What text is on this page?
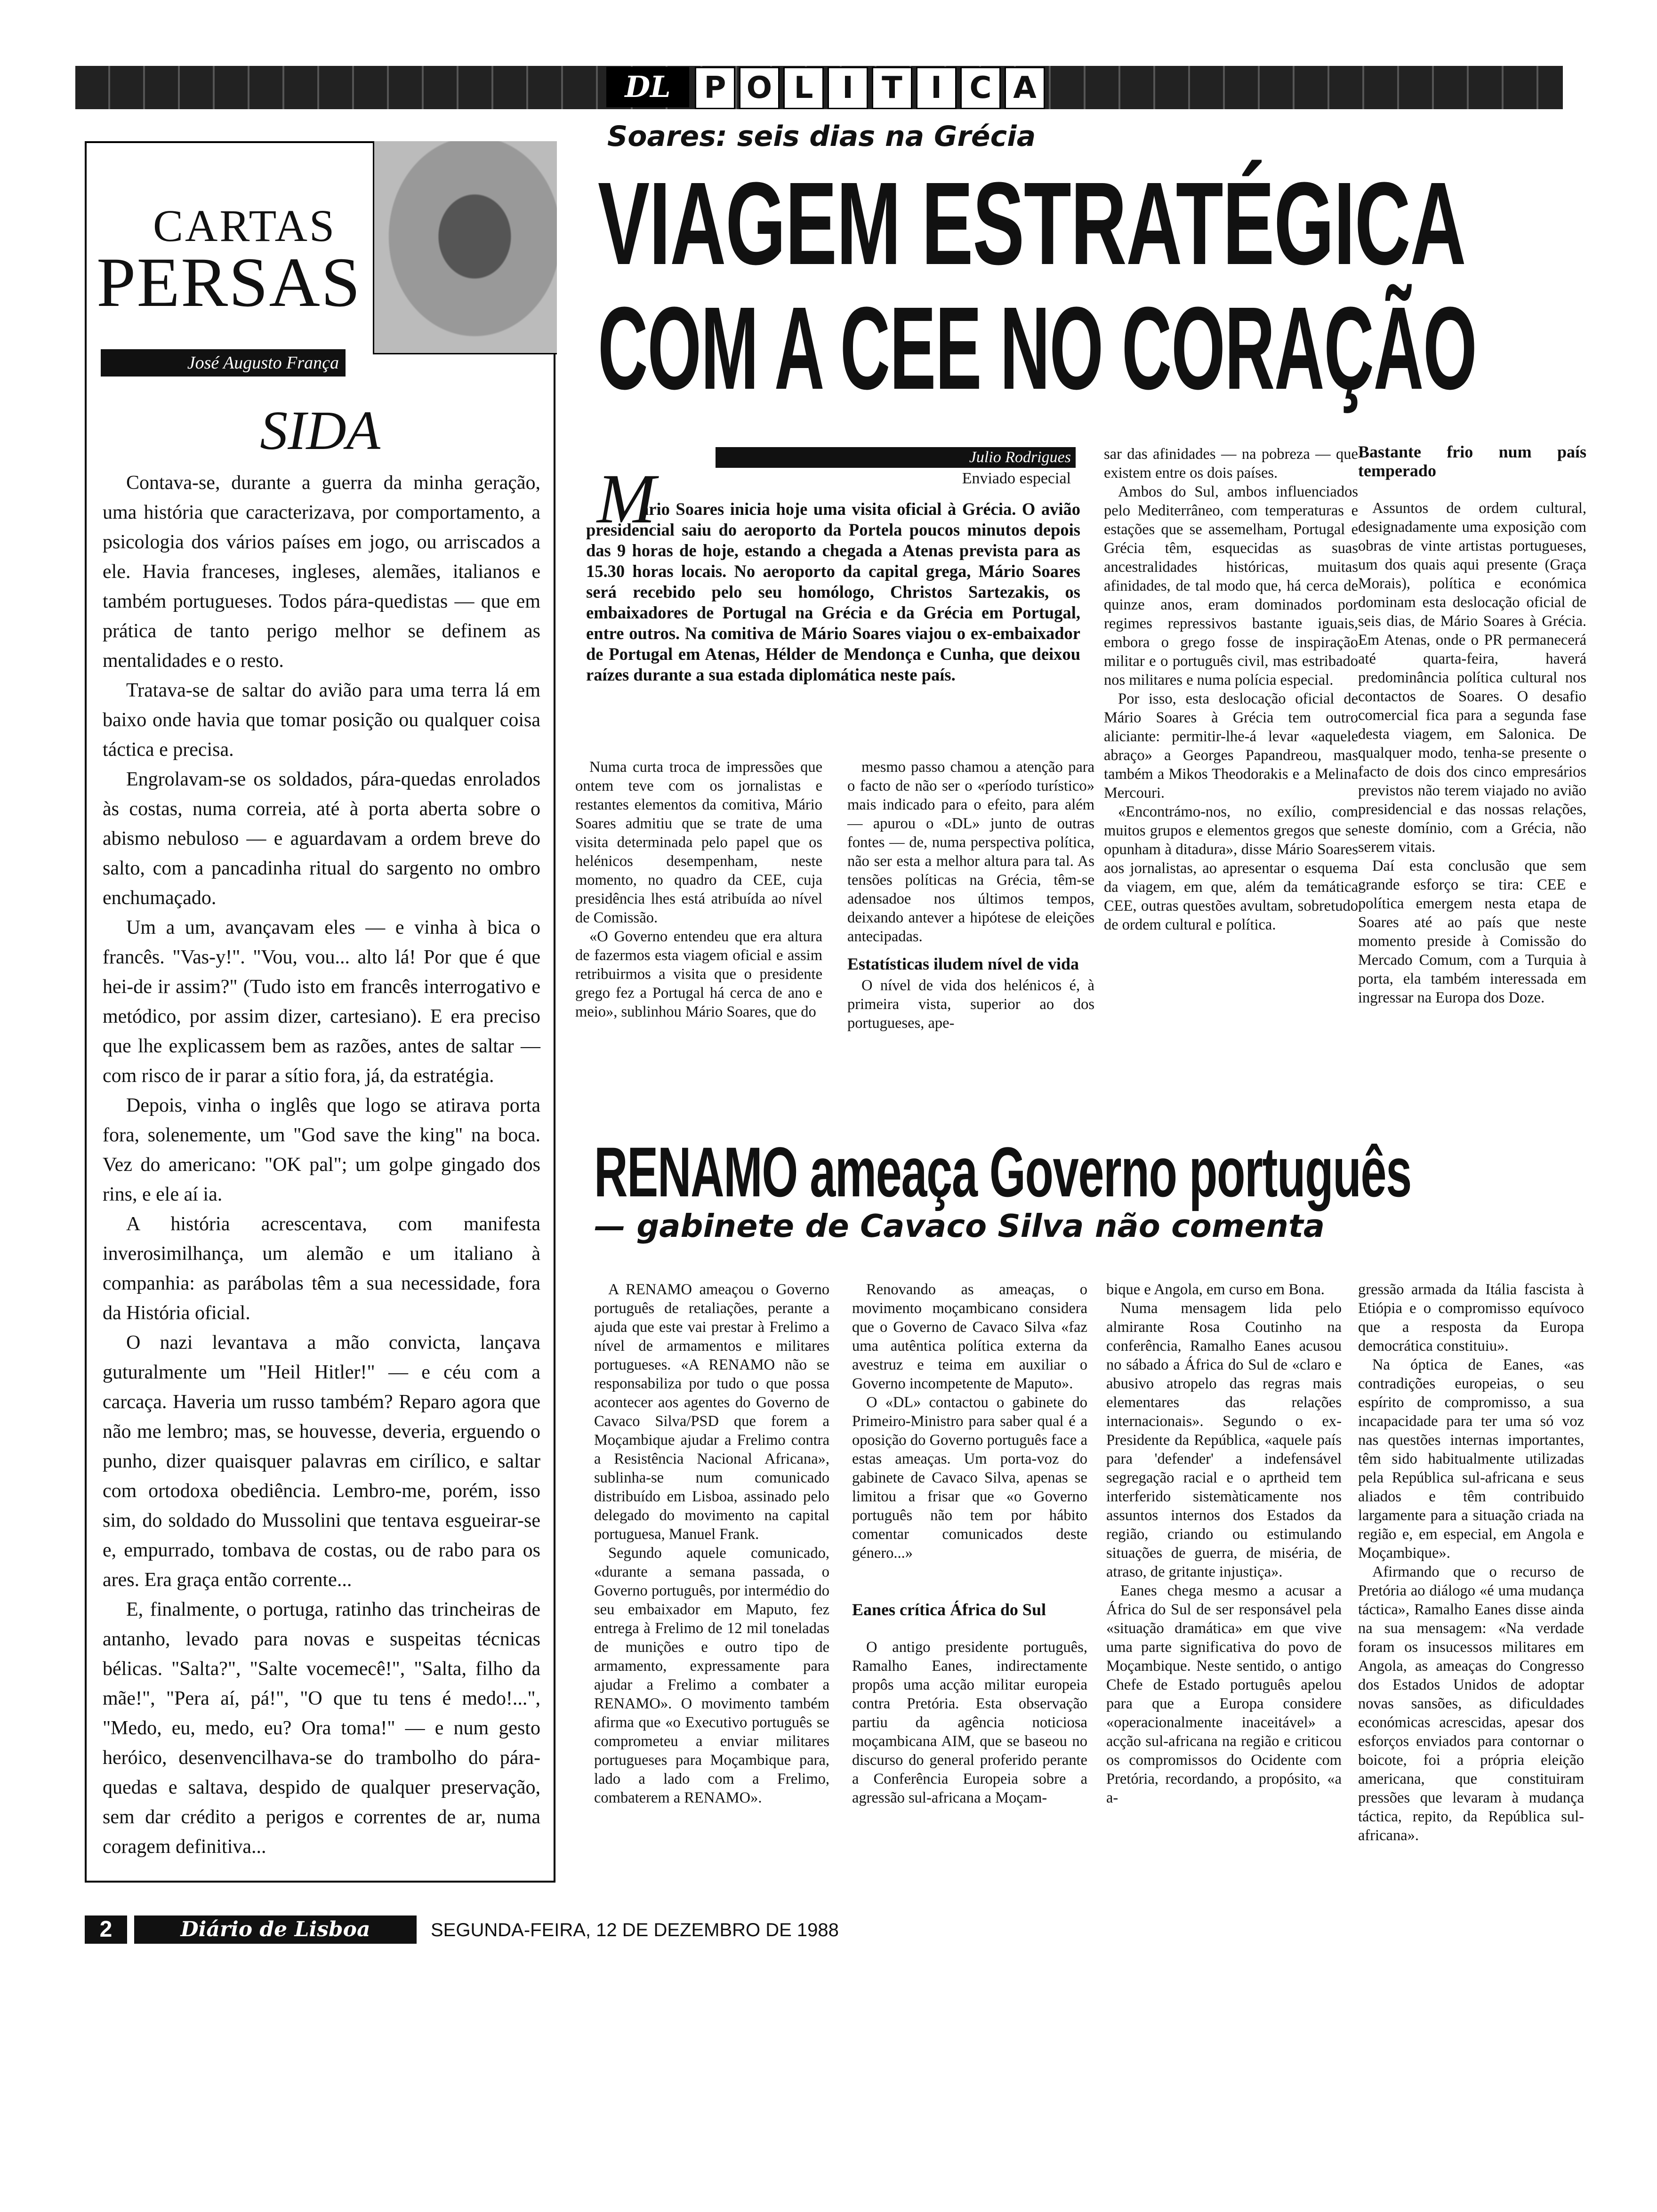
DL	P O L I T I C A
CARTAS
PERSAS
José Augusto França
SIDA

Contava-se, durante a guerra da minha geração, uma história que caracterizava, por comportamento, a psicologia dos vários países em jogo, ou arriscados a ele. Havia franceses, ingleses, alemães, italianos e também portugueses. Todos pára-quedistas — que em prática de tanto perigo melhor se definem as mentalidades e o resto.

Tratava-se de saltar do avião para uma terra lá em baixo onde havia que tomar posição ou qualquer coisa táctica e precisa.

Engrolavam-se os soldados, pára-quedas enrolados às costas, numa correia, até à porta aberta sobre o abismo nebuloso — e aguardavam a ordem breve do salto, com a pancadinha ritual do sargento no ombro enchumaçado.

Um a um, avançavam eles — e vinha à bica o francês. "Vas-y!". "Vou, vou... alto lá! Por que é que hei-de ir assim?" (Tudo isto em francês interrogativo e metódico, por assim dizer, cartesiano). E era preciso que lhe explicassem bem as razões, antes de saltar — com risco de ir parar a sítio fora, já, da estratégia.

Depois, vinha o inglês que logo se atirava porta fora, solenemente, um "God save the king" na boca. Vez do americano: "OK pal"; um golpe gingado dos rins, e ele aí ia.

A história acrescentava, com manifesta inverosimilhança, um alemão e um italiano à companhia: as parábolas têm a sua necessidade, fora da História oficial.

O nazi levantava a mão convicta, lançava guturalmente um "Heil Hitler!" — e céu com a carcaça. Haveria um russo também? Reparo agora que não me lembro; mas, se houvesse, deveria, erguendo o punho, dizer quaisquer palavras em cirílico, e saltar com ortodoxa obediência. Lembro-me, porém, isso sim, do soldado do Mussolini que tentava esgueirar-se e, empurrado, tombava de costas, ou de rabo para os ares. Era graça então corrente...

E, finalmente, o portuga, ratinho das trincheiras de antanho, levado para novas e suspeitas técnicas bélicas. "Salta?", "Salte vocemecê!", "Salta, filho da mãe!", "Pera aí, pá!", "O que tu tens é medo!...", "Medo, eu, medo, eu? Ora toma!" — e num gesto heróico, desenvencilhava-se do trambolho do pára-quedas e saltava, despido de qualquer preservação, sem dar crédito a perigos e correntes de ar, numa coragem definitiva...

Soares: seis dias na Grécia
VIAGEM ESTRATÉGICA
COM A CEE NO CORAÇÃO
Julio Rodrigues
Enviado especial
M
ário Soares inicia hoje uma visita oficial à Grécia. O avião presidencial saiu do aeroporto da Portela poucos minutos depois das 9 horas de hoje, estando a chegada a Atenas prevista para as 15.30 horas locais. No aeroporto da capital grega, Mário Soares será recebido pelo seu homólogo, Christos Sartezakis, os embaixadores de Portugal na Grécia e da Grécia em Portugal, entre outros. Na comitiva de Mário Soares viajou o ex-embaixador de Portugal em Atenas, Hélder de Mendonça e Cunha, que deixou raízes durante a sua estada diplomática neste país.

Numa curta troca de impressões que ontem teve com os jornalistas e restantes elementos da comitiva, Mário Soares admitiu que se trate de uma visita determinada pelo papel que os helénicos desempenham, neste momento, no quadro da CEE, cuja presidência lhes está atribuída ao nível de Comissão.

«O Governo entendeu que era altura de fazermos esta viagem oficial e assim retribuirmos a visita que o presidente grego fez a Portugal há cerca de ano e meio», sublinhou Mário Soares, que do

mesmo passo chamou a atenção para o facto de não ser o «período turístico» mais indicado para o efeito, para além — apurou o «DL» junto de outras fontes — de, numa perspectiva política, não ser esta a melhor altura para tal. As tensões políticas na Grécia, têm-se adensadoe nos últimos tempos, deixando antever a hipótese de eleições antecipadas.

Estatísticas iludem nível de vida

O nível de vida dos helénicos é, à primeira vista, superior ao dos portugueses, ape-

sar das afinidades — na pobreza — que existem entre os dois países.

Ambos do Sul, ambos influenciados pelo Mediterrâneo, com temperaturas e estações que se assemelham, Portugal e Grécia têm, esquecidas as suas ancestralidades históricas, muitas afinidades, de tal modo que, há cerca de quinze anos, eram dominados por regimes repressivos bastante iguais, embora o grego fosse de inspiração militar e o português civil, mas estribado nos militares e numa polícia especial.

Por isso, esta deslocação oficial de Mário Soares à Grécia tem outro aliciante: permitir-lhe-á levar «aquele abraço» a Georges Papandreou, mas também a Mikos Theodorakis e a Melina Mercouri.

«Encontrámo-nos, no exílio, com muitos grupos e elementos gregos que se opunham à ditadura», disse Mário Soares aos jornalistas, ao apresentar o esquema da viagem, em que, além da temática CEE, outras questões avultam, sobretudo de ordem cultural e política.

Bastante frio num país temperado

Assuntos de ordem cultural, designadamente uma exposição com obras de vinte artistas portugueses, um dos quais aqui presente (Graça Morais), política e económica dominam esta deslocação oficial de seis dias, de Mário Soares à Grécia. Em Atenas, onde o PR permanecerá até quarta-feira, haverá predominância política cultural nos contactos de Soares. O desafio comercial fica para a segunda fase desta viagem, em Salonica. De qualquer modo, tenha-se presente o facto de dois dos cinco empresários previstos não terem viajado no avião presidencial e das nossas relações, neste domínio, com a Grécia, não serem vitais.

Daí esta conclusão que sem grande esforço se tira: CEE e política emergem nesta etapa de Soares até ao país que neste momento preside à Comissão do Mercado Comum, com a Turquia à porta, ela também interessada em ingressar na Europa dos Doze.

RENAMO ameaça Governo português
— gabinete de Cavaco Silva não comenta

A RENAMO ameaçou o Governo português de retaliações, perante a ajuda que este vai prestar à Frelimo a nível de armamentos e militares portugueses. «A RENAMO não se responsabiliza por tudo o que possa acontecer aos agentes do Governo de Cavaco Silva/PSD que forem a Moçambique ajudar a Frelimo contra a Resistência Nacional Africana», sublinha-se num comunicado distribuído em Lisboa, assinado pelo delegado do movimento na capital portuguesa, Manuel Frank.

Segundo aquele comunicado, «durante a semana passada, o Governo português, por intermédio do seu embaixador em Maputo, fez entrega à Frelimo de 12 mil toneladas de munições e outro tipo de armamento, expressamente para ajudar a Frelimo a combater a RENAMO». O movimento também afirma que «o Executivo português se comprometeu a enviar militares portugueses para Moçambique para, lado a lado com a Frelimo, combaterem a RENAMO».

Renovando as ameaças, o movimento moçambicano considera que o Governo de Cavaco Silva «faz uma autêntica política externa da avestruz e teima em auxiliar o Governo incompetente de Maputo».

O «DL» contactou o gabinete do Primeiro-Ministro para saber qual é a oposição do Governo português face a estas ameaças. Um porta-voz do gabinete de Cavaco Silva, apenas se limitou a frisar que «o Governo português não tem por hábito comentar comunicados deste género...»

Eanes crítica África do Sul

O antigo presidente português, Ramalho Eanes, indirectamente propôs uma acção militar europeia contra Pretória. Esta observação partiu da agência noticiosa moçambicana AIM, que se baseou no discurso do general proferido perante a Conferência Europeia sobre a agressão sul-africana a Moçam-

bique e Angola, em curso em Bona.

Numa mensagem lida pelo almirante Rosa Coutinho na conferência, Ramalho Eanes acusou no sábado a África do Sul de «claro e abusivo atropelo das regras mais elementares das relações internacionais». Segundo o ex-Presidente da República, «aquele país para 'defender' a indefensável segregação racial e o aprtheid tem interferido sistemàticamente nos assuntos internos dos Estados da região, criando ou estimulando situações de guerra, de miséria, de atraso, de gritante injustiça».

Eanes chega mesmo a acusar a África do Sul de ser responsável pela «situação dramática» em que vive uma parte significativa do povo de Moçambique. Neste sentido, o antigo Chefe de Estado português apelou para que a Europa considere «operacionalmente inaceitável» a acção sul-africana na região e criticou os compromissos do Ocidente com Pretória, recordando, a propósito, «a a-

gressão armada da Itália fascista à Etiópia e o compromisso equívoco que a resposta da Europa democrática constituiu».

Na óptica de Eanes, «as contradições europeias, o seu espírito de compromisso, a sua incapacidade para ter uma só voz nas questões internas importantes, têm sido habitualmente utilizadas pela República sul-africana e seus aliados e têm contribuido largamente para a situação criada na região e, em especial, em Angola e Moçambique».

Afirmando que o recurso de Pretória ao diálogo «é uma mudança táctica», Ramalho Eanes disse ainda na sua mensagem: «Na verdade foram os insucessos militares em Angola, as ameaças do Congresso dos Estados Unidos de adoptar novas sansões, as dificuldades económicas acrescidas, apesar dos esforços enviados para contornar o boicote, foi a própria eleição americana, que constituiram pressões que levaram à mudança táctica, repito, da República sul-africana».

2	Diário de Lisboa	SEGUNDA-FEIRA, 12 DE DEZEMBRO DE 1988
